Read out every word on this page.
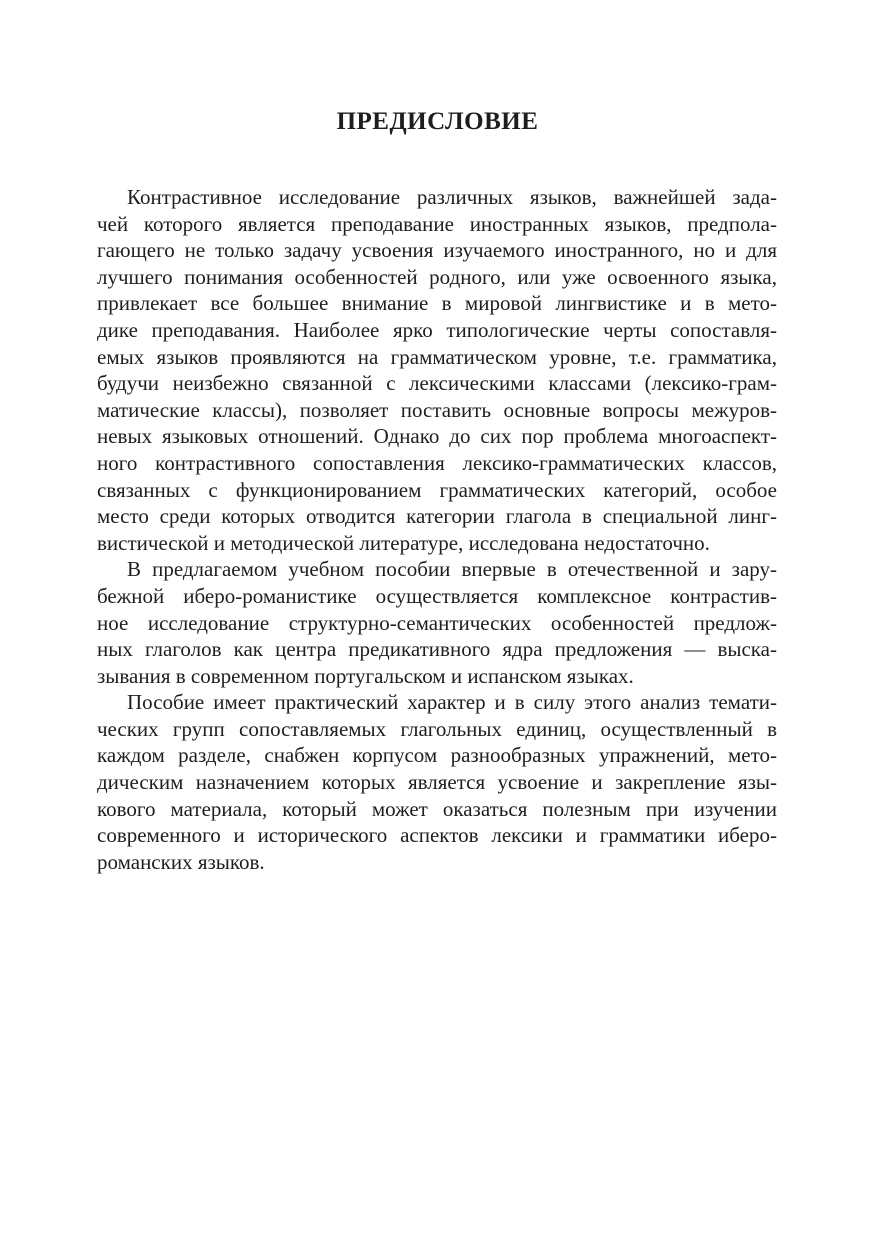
ПРЕДИСЛОВИЕ

Контрастивное исследование различных языков, важнейшей зада-
чей которого является преподавание иностранных языков, предпола-
гающего не только задачу усвоения изучаемого иностранного, но и для
лучшего понимания особенностей родного, или уже освоенного языка,
привлекает все большее внимание в мировой лингвистике и в мето-
дике преподавания. Наиболее ярко типологические черты сопоставля-
емых языков проявляются на грамматическом уровне, т.е. грамматика,
будучи неизбежно связанной с лексическими классами (лексико-грам-
матические классы), позволяет поставить основные вопросы межуров-
невых языковых отношений. Однако до сих пор проблема многоаспект-
ного контрастивного сопоставления лексико-грамматических классов,
связанных с функционированием грамматических категорий, особое
место среди которых отводится категории глагола в специальной линг-
вистической и методической литературе, исследована недостаточно.

В предлагаемом учебном пособии впервые в отечественной и зару-
бежной иберо-романистике осуществляется комплексное контрастив-
ное исследование структурно-семантических особенностей предлож-
ных глаголов как центра предикативного ядра предложения — выска-
зывания в современном португальском и испанском языках.

Пособие имеет практический характер и в силу этого анализ темати-
ческих групп сопоставляемых глагольных единиц, осуществленный в
каждом разделе, снабжен корпусом разнообразных упражнений, мето-
дическим назначением которых является усвоение и закрепление язы-
кового материала, который может оказаться полезным при изучении
современного и исторического аспектов лексики и грамматики иберо-
романских языков.
